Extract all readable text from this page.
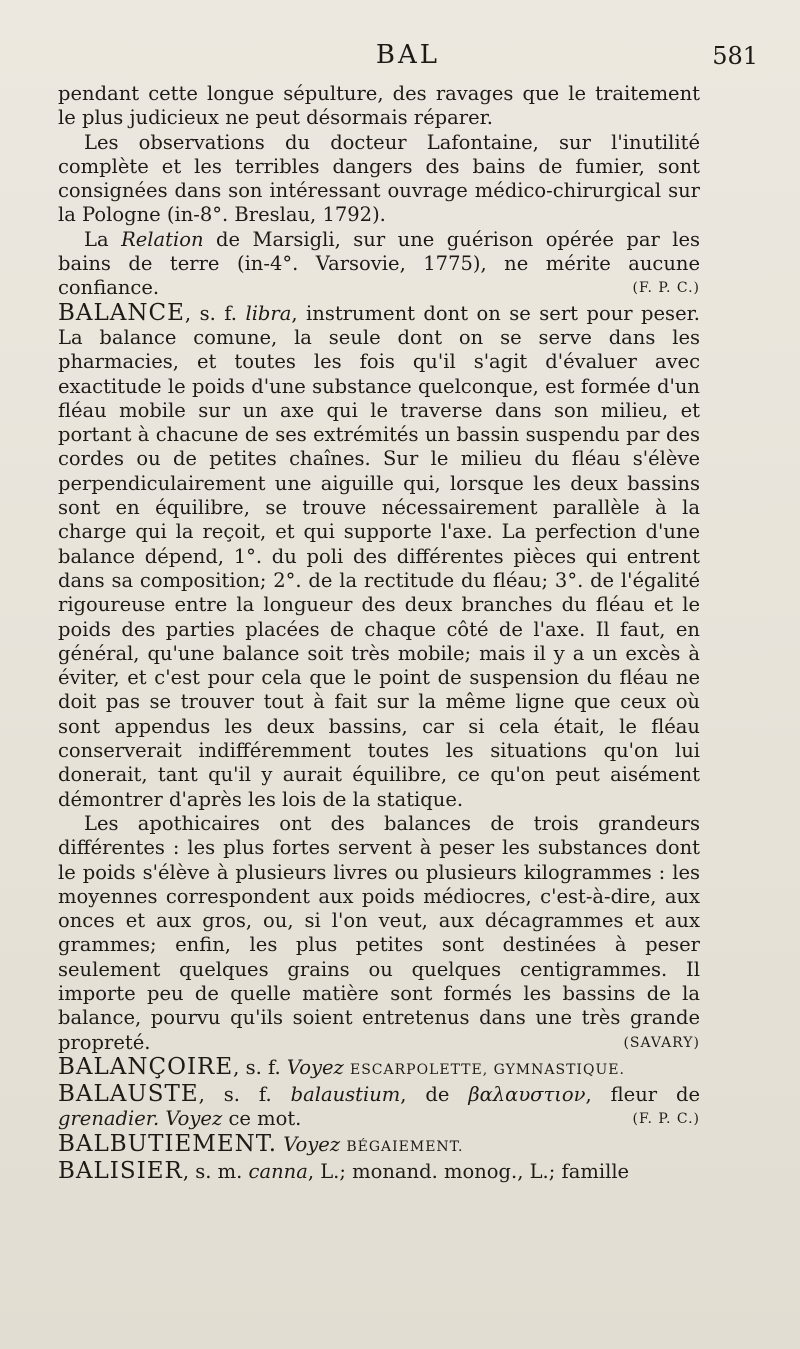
BAL	581

pendant cette longue sépulture, des ravages que le traitement le plus judicieux ne peut désormais réparer.

Les observations du docteur Lafontaine, sur l'inutilité complète et les terribles dangers des bains de fumier, sont consignées dans son intéressant ouvrage médico-chirurgical sur la Pologne (in-8°. Breslau, 1792).

La Relation de Marsigli, sur une guérison opérée par les bains de terre (in-4°. Varsovie, 1775), ne mérite aucune confiance.	(F. P. C.)

BALANCE, s. f. libra, instrument dont on se sert pour peser. La balance comune, la seule dont on se serve dans les pharmacies, et toutes les fois qu'il s'agit d'évaluer avec exactitude le poids d'une substance quelconque, est formée d'un fléau mobile sur un axe qui le traverse dans son milieu, et portant à chacune de ses extrémités un bassin suspendu par des cordes ou de petites chaînes. Sur le milieu du fléau s'élève perpendiculairement une aiguille qui, lorsque les deux bassins sont en équilibre, se trouve nécessairement parallèle à la charge qui la reçoit, et qui supporte l'axe. La perfection d'une balance dépend, 1°. du poli des différentes pièces qui entrent dans sa composition; 2°. de la rectitude du fléau; 3°. de l'égalité rigoureuse entre la longueur des deux branches du fléau et le poids des parties placées de chaque côté de l'axe. Il faut, en général, qu'une balance soit très mobile; mais il y a un excès à éviter, et c'est pour cela que le point de suspension du fléau ne doit pas se trouver tout à fait sur la même ligne que ceux où sont appendus les deux bassins, car si cela était, le fléau conserverait indifféremment toutes les situations qu'on lui donerait, tant qu'il y aurait équilibre, ce qu'on peut aisément démontrer d'après les lois de la statique.

Les apothicaires ont des balances de trois grandeurs différentes : les plus fortes servent à peser les substances dont le poids s'élève à plusieurs livres ou plusieurs kilogrammes : les moyennes correspondent aux poids médiocres, c'est-à-dire, aux onces et aux gros, ou, si l'on veut, aux décagrammes et aux grammes; enfin, les plus petites sont destinées à peser seulement quelques grains ou quelques centigrammes. Il importe peu de quelle matière sont formés les bassins de la balance, pourvu qu'ils soient entretenus dans une très grande propreté.	(SAVARY)

BALANÇOIRE, s. f. Voyez ESCARPOLETTE, GYMNASTIQUE.

BALAUSTE, s. f. balaustium, de βαλαυστιον, fleur de grenadier. Voyez ce mot.	(F. P. C.)

BALBUTIEMENT. Voyez BÉGAIEMENT.

BALISIER, s. m. canna, L.; monand. monog., L.; famille
